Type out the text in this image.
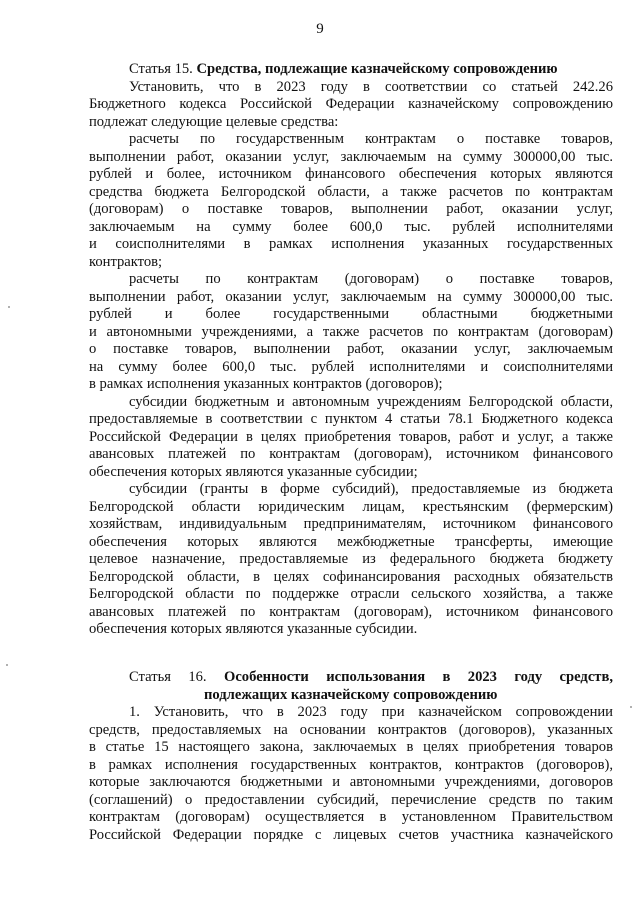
9
Статья 15. Средства, подлежащие казначейскому сопровождению
Установить, что в 2023 году в соответствии со статьей 242.26
Бюджетного кодекса Российской Федерации казначейскому сопровождению
подлежат следующие целевые средства:
расчеты по государственным контрактам о поставке товаров,
выполнении работ, оказании услуг, заключаемым на сумму 300000,00 тыс.
рублей и более, источником финансового обеспечения которых являются
средства бюджета Белгородской области, а также расчетов по контрактам
(договорам) о поставке товаров, выполнении работ, оказании услуг,
заключаемым на сумму более 600,0 тыс. рублей исполнителями
и соисполнителями в рамках исполнения указанных государственных
контрактов;
расчеты по контрактам (договорам) о поставке товаров,
выполнении работ, оказании услуг, заключаемым на сумму 300000,00 тыс.
рублей и более государственными областными бюджетными
и автономными учреждениями, а также расчетов по контрактам (договорам)
о поставке товаров, выполнении работ, оказании услуг, заключаемым
на сумму более 600,0 тыс. рублей исполнителями и соисполнителями
в рамках исполнения указанных контрактов (договоров);
субсидии бюджетным и автономным учреждениям Белгородской области,
предоставляемые в соответствии с пунктом 4 статьи 78.1 Бюджетного кодекса
Российской Федерации в целях приобретения товаров, работ и услуг, а также
авансовых платежей по контрактам (договорам), источником финансового
обеспечения которых являются указанные субсидии;
субсидии (гранты в форме субсидий), предоставляемые из бюджета
Белгородской области юридическим лицам, крестьянским (фермерским)
хозяйствам, индивидуальным предпринимателям, источником финансового
обеспечения которых являются межбюджетные трансферты, имеющие
целевое назначение, предоставляемые из федерального бюджета бюджету
Белгородской области, в целях софинансирования расходных обязательств
Белгородской области по поддержке отрасли сельского хозяйства, а также
авансовых платежей по контрактам (договорам), источником финансового
обеспечения которых являются указанные субсидии.
Статья 16. Особенности использования в 2023 году средств,
подлежащих казначейскому сопровождению
1. Установить, что в 2023 году при казначейском сопровождении
средств, предоставляемых на основании контрактов (договоров), указанных
в статье 15 настоящего закона, заключаемых в целях приобретения товаров
в рамках исполнения государственных контрактов, контрактов (договоров),
которые заключаются бюджетными и автономными учреждениями, договоров
(соглашений) о предоставлении субсидий, перечисление средств по таким
контрактам (договорам) осуществляется в установленном Правительством
Российской Федерации порядке с лицевых счетов участника казначейского
